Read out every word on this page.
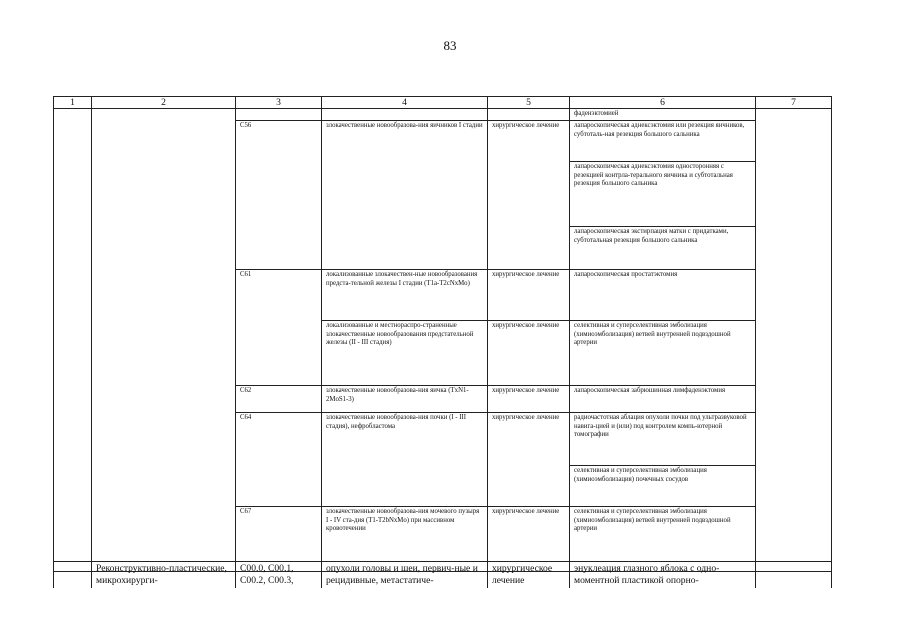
83
1	2	3	4	5	6	7
					фаденэктомией	
		C56	злокачественные новообразова-ния яичников I стадии	хирургическое лечение	лапароскопическая аднексэктомия или резекция яичников, субтоталь-ная резекция большого сальника	
					лапароскопическая аднексэктомия односторонняя с резекцией контрла-терального яичника и субтотальная резекция большого сальника	
					лапароскопическая экстирпация матки с придатками, субтотальная резекция большого сальника	
		C61	локализованные злокачествен-ные новообразования предста-тельной железы I стадии (T1a-T2cNxMo)	хирургическое лечение	лапароскопическая простатэктомия	
			локализованные и местнораспро-страненные злокачественные новообразования предстательной железы (II - III стадия)	хирургическое лечение	селективная и суперселективная эмболизация (химиоэмболизация) ветвей внутренней подвздошной артерии	
		C62	злокачественные новообразова-ния яичка (TxN1-2MoS1-3)	хирургическое лечение	лапароскопическая забрюшинная лимфаденэктомия	
		C64	злокачественные новообразова-ния почки (I - III стадия), нефробластома	хирургическое лечение	радиочастотная аблация опухоли почки под ультразвуковой навига-цией и (или) под контролем компь-ютерной томографии	
					селективная и суперселективная эмболизация (химиоэмболизация) почечных сосудов	
		C67	злокачественные новообразова-ния мочевого пузыря I - IV ста-дия (T1-T2bNxMo) при массивном кровотечении	хирургическое лечение	селективная и суперселективная эмболизация (химиоэмболизация) ветвей внутренней подвздошной артерии	
	Реконструктивно-пластические, микрохирурги-	C00.0, C00.1, C00.2, C00.3,	опухоли головы и шеи, первич-ные и рецидивные, метастатиче-	хирургическое лечение	энуклеация глазного яблока с одно-моментной пластикой опорно-	
